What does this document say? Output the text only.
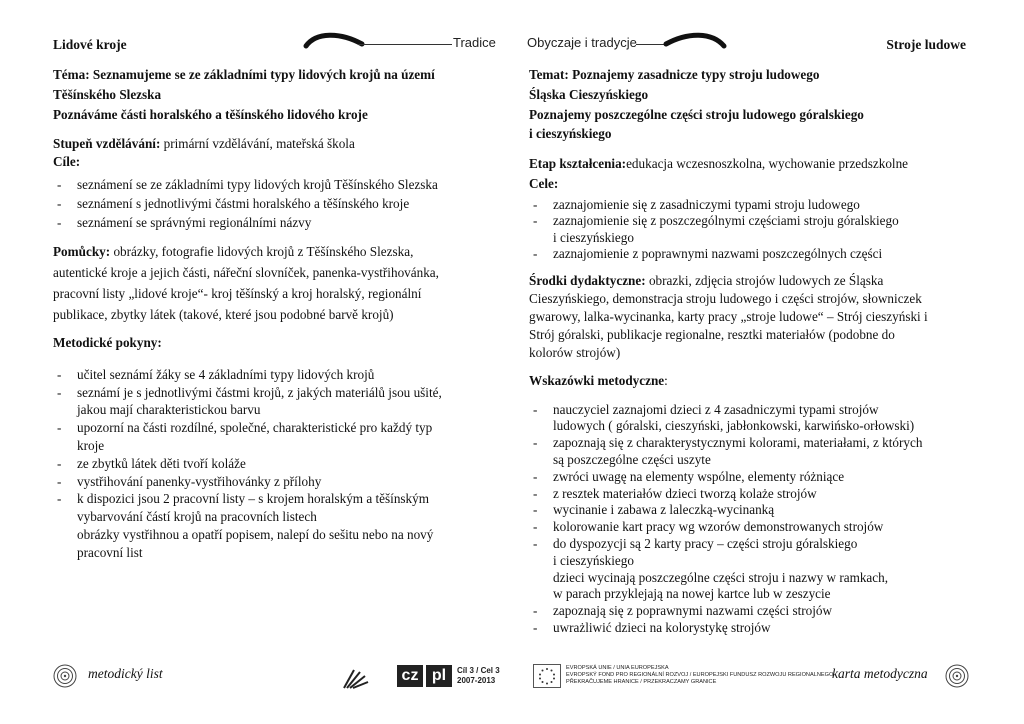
Lidové kroje	Stroje ludowe
Tradice Obyczaje i tradycje

Téma: Seznamujeme se ze základními typy lidových krojů na území

Těšínského Slezska

Poznáváme části horalského a těšínského lidového kroje

Stupeň vzdělávání: primární vzdělávání, mateřská škola

Cíle:

- seznámení se ze základními typy lidových krojů Těšínského Slezska
- seznámení s jednotlivými částmi horalského a těšínského kroje
- seznámení se správnými regionálními názvy

Pomůcky: obrázky, fotografie lidových krojů z Těšínského Slezska,

autentické kroje a jejich části, nářeční slovníček, panenka-vystřihovánka,

pracovní listy „lidové kroje“- kroj těšínský a kroj horalský, regionální

publikace, zbytky látek (takové, které jsou podobné barvě krojů)

Metodické pokyny:

- učitel seznámí žáky se 4 základními typy lidových krojů
- seznámí je s jednotlivými částmi krojů, z jakých materiálů jsou ušité,
jakou mají charakteristickou barvu
- upozorní na části rozdílné, společné, charakteristické pro každý typ
kroje
- ze zbytků látek děti tvoří koláže
- vystřihování panenky-vystřihovánky z přílohy
- k dispozici jsou 2 pracovní listy – s krojem horalským a těšínským
vybarvování částí krojů na pracovních listech
obrázky vystřihnou a opatří popisem, nalepí do sešitu nebo na nový
pracovní list

Temat: Poznajemy zasadnicze typy stroju ludowego

Śląska Cieszyńskiego

Poznajemy poszczególne części stroju ludowego góralskiego

i cieszyńskiego

Etap kształcenia:edukacja wczesnoszkolna, wychowanie przedszkolne

Cele:

- zaznajomienie się z zasadniczymi typami stroju ludowego
- zaznajomienie się z poszczególnymi częściami stroju góralskiego
i cieszyńskiego
- zaznajomienie z poprawnymi nazwami poszczególnych części

Środki dydaktyczne: obrazki, zdjęcia strojów ludowych ze Śląska

Cieszyńskiego, demonstracja stroju ludowego i części strojów, słowniczek

gwarowy, lalka-wycinanka, karty pracy „stroje ludowe“ – Strój cieszyński i

Strój góralski, publikacje regionalne, resztki materiałów (podobne do

kolorów strojów)

Wskazówki metodyczne:

- nauczyciel zaznajomi dzieci z 4 zasadniczymi typami strojów
ludowych ( góralski, cieszyński, jabłonkowski, karwińsko-orłowski)
- zapoznają się z charakterystycznymi kolorami, materiałami, z których
są poszczególne części uszyte
- zwróci uwagę na elementy wspólne, elementy różniące
- z resztek materiałów dzieci tworzą kolaże strojów
- wycinanie i zabawa z laleczką-wycinanką
- kolorowanie kart pracy wg wzorów demonstrowanych strojów
- do dyspozycji są 2 karty pracy – części stroju góralskiego
i cieszyńskiego
dzieci wycinają poszczególne części stroju i nazwy w ramkach,
w parach przyklejają na nowej kartce lub w zeszycie
- zapoznają się z poprawnymi nazwami części strojów
- uwrażliwić dzieci na kolorystykę strojów
metodický list	cz pl	Cíl 3 / Cel 3
2007-2013
EVROPSKÁ UNIE / UNIA EUROPEJSKA
EVROPSKÝ FOND PRO REGIONÁLNÍ ROZVOJ / EUROPEJSKI FUNDUSZ ROZWOJU REGIONALNEGO
PŘEKRAČUJEME HRANICE / PRZEKRACZAMY GRANICE
karta metodyczna
